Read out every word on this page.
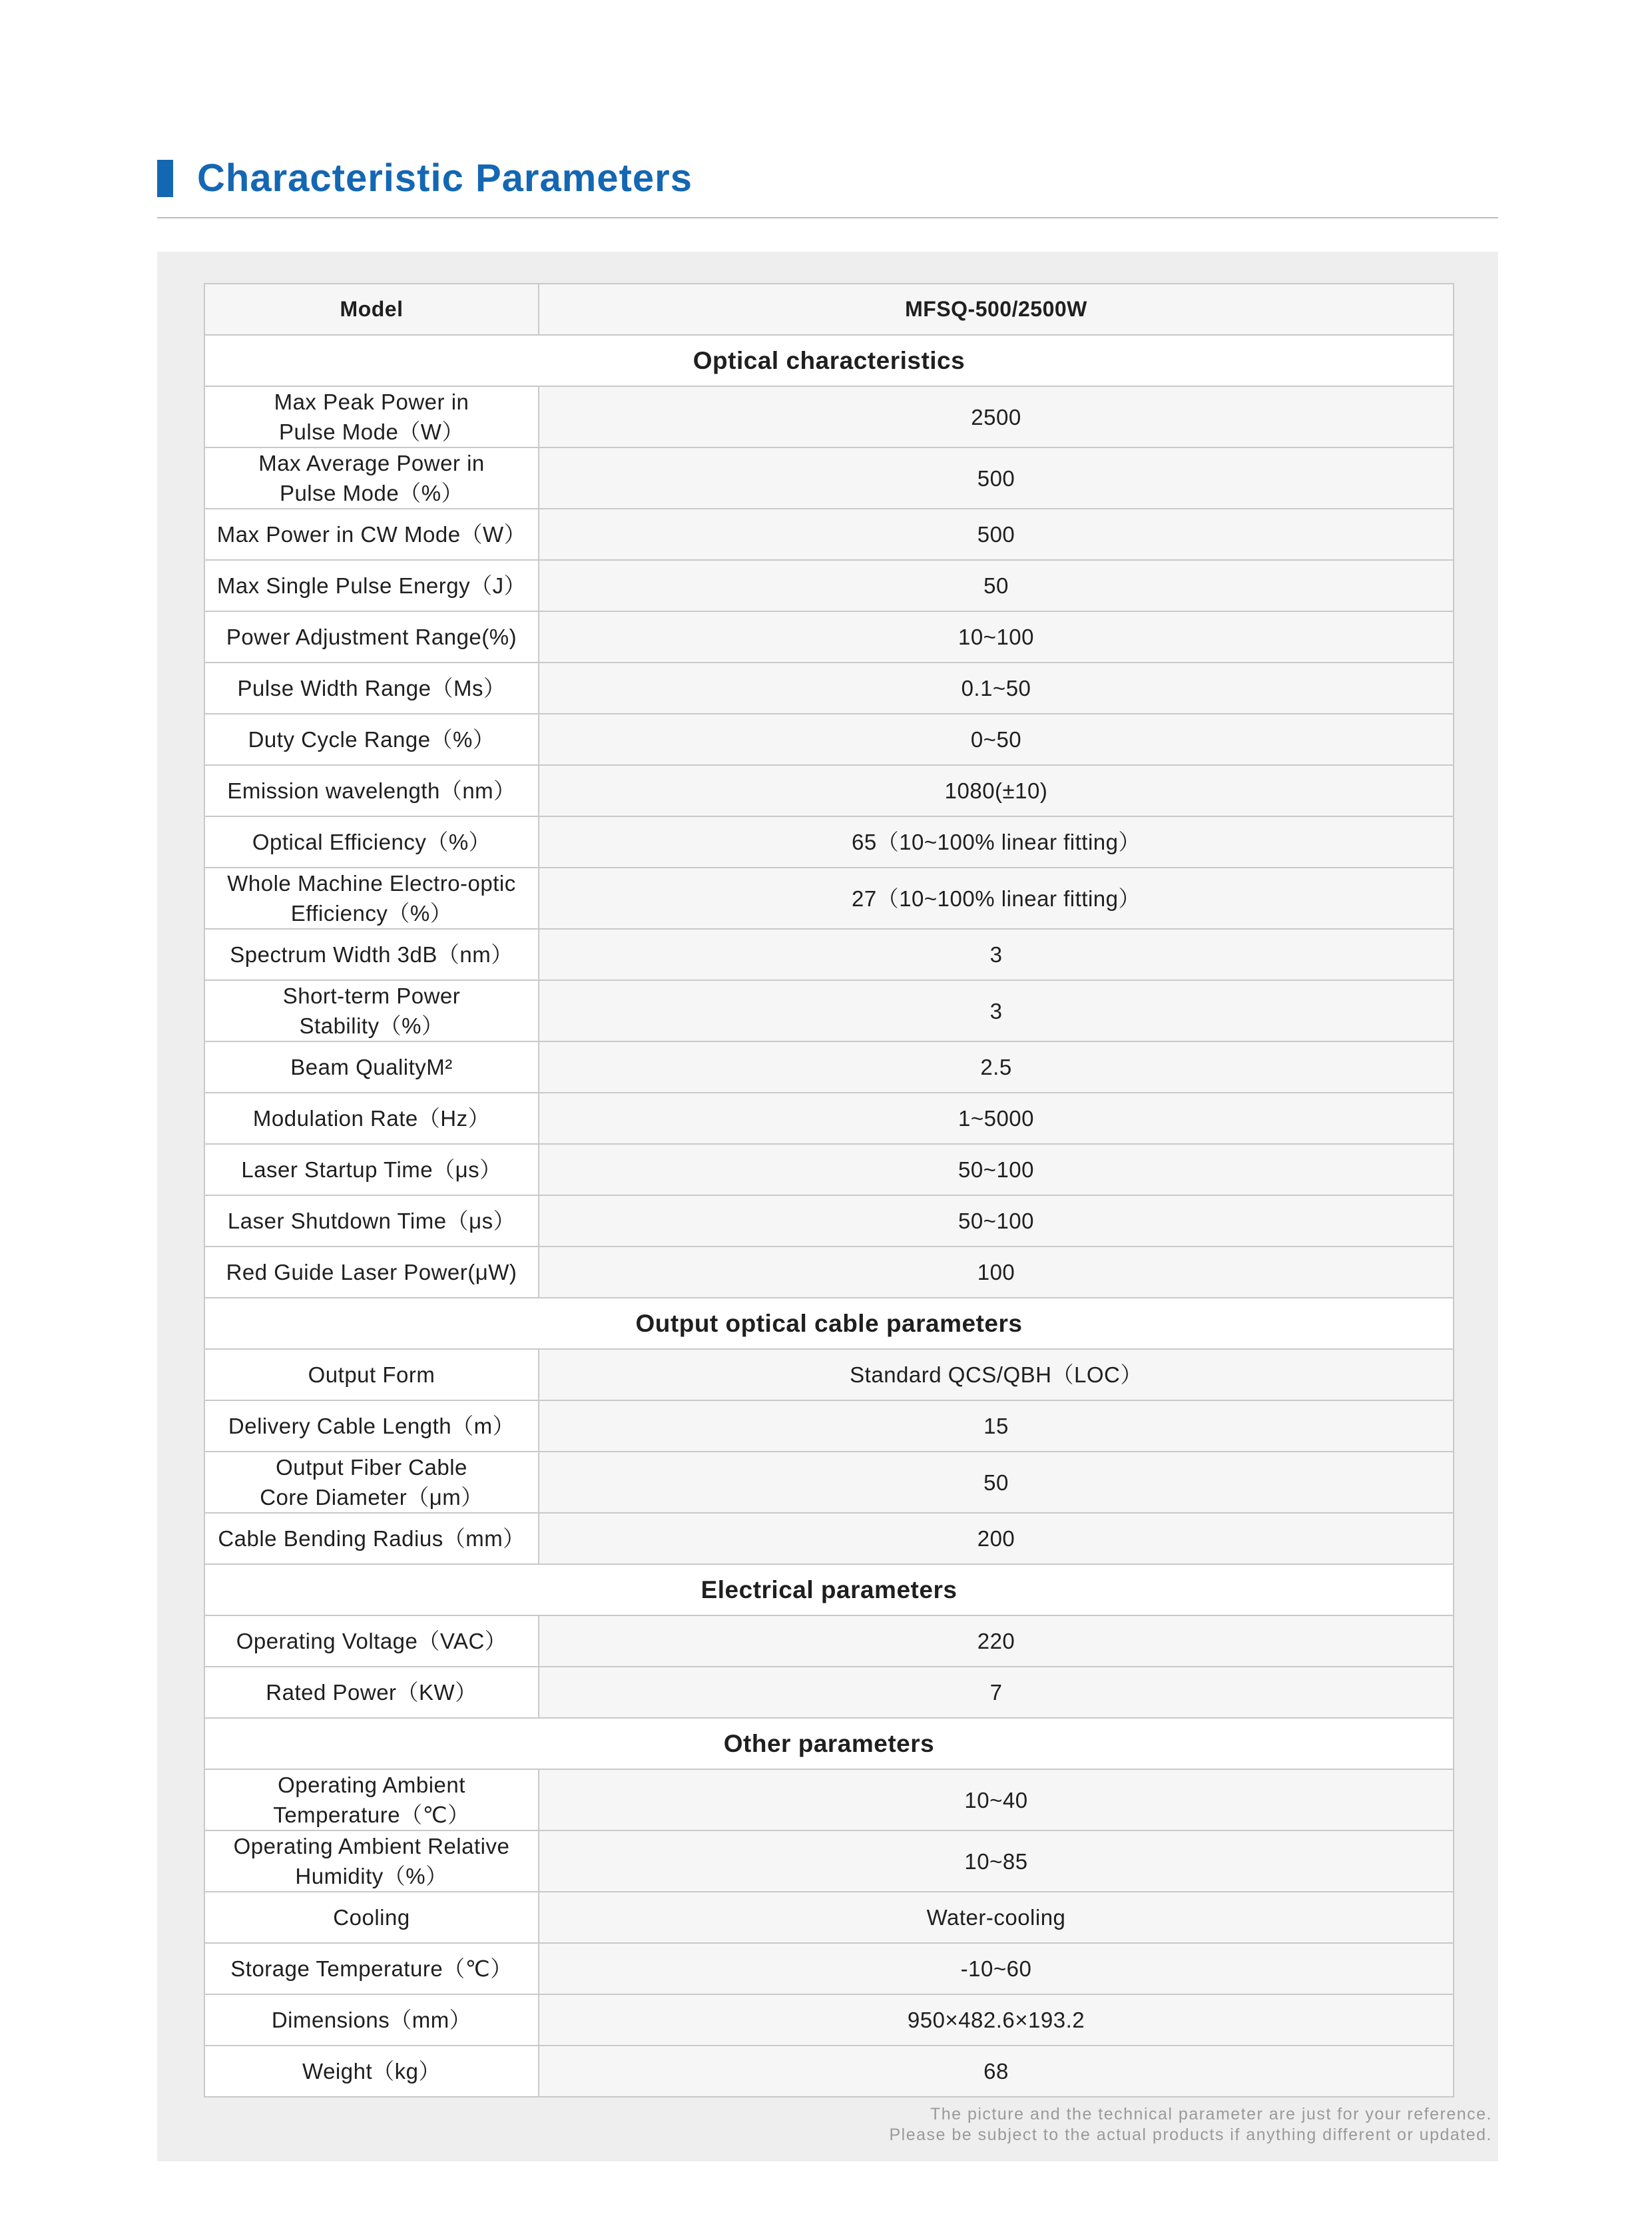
Characteristic Parameters
Model	MFSQ-500/2500W
Optical characteristics	
Max Peak Power in
Pulse Mode（W）	2500
Max Average Power in
Pulse Mode（%）	500
Max Power in CW Mode（W）	500
Max Single Pulse Energy（J）	50
Power Adjustment Range(%)	10~100
Pulse Width Range（Ms）	0.1~50
Duty Cycle Range（%）	0~50
Emission wavelength（nm）	1080(±10)
Optical Efficiency（%）	65（10~100% linear fitting）
Whole Machine Electro-optic
Efficiency（%）	27（10~100% linear fitting）
Spectrum Width 3dB（nm）	3
Short-term Power
Stability（%）	3
Beam QualityM²	2.5
Modulation Rate（Hz）	1~5000
Laser Startup Time（μs）	50~100
Laser Shutdown Time（μs）	50~100
Red Guide Laser Power(μW)	100
Output optical cable parameters	
Output Form	Standard QCS/QBH（LOC）
Delivery Cable Length（m）	15
Output Fiber Cable
Core Diameter（μm）	50
Cable Bending Radius（mm）	200
Electrical parameters	
Operating Voltage（VAC）	220
Rated Power（KW）	7
Other parameters	
Operating Ambient
Temperature（℃）	10~40
Operating Ambient Relative
Humidity（%）	10~85
Cooling	Water-cooling
Storage Temperature（℃）	-10~60
Dimensions（mm）	950×482.6×193.2
Weight（kg）	68
The picture and the technical parameter are just for your reference.
Please be subject to the actual products if anything different or updated.
